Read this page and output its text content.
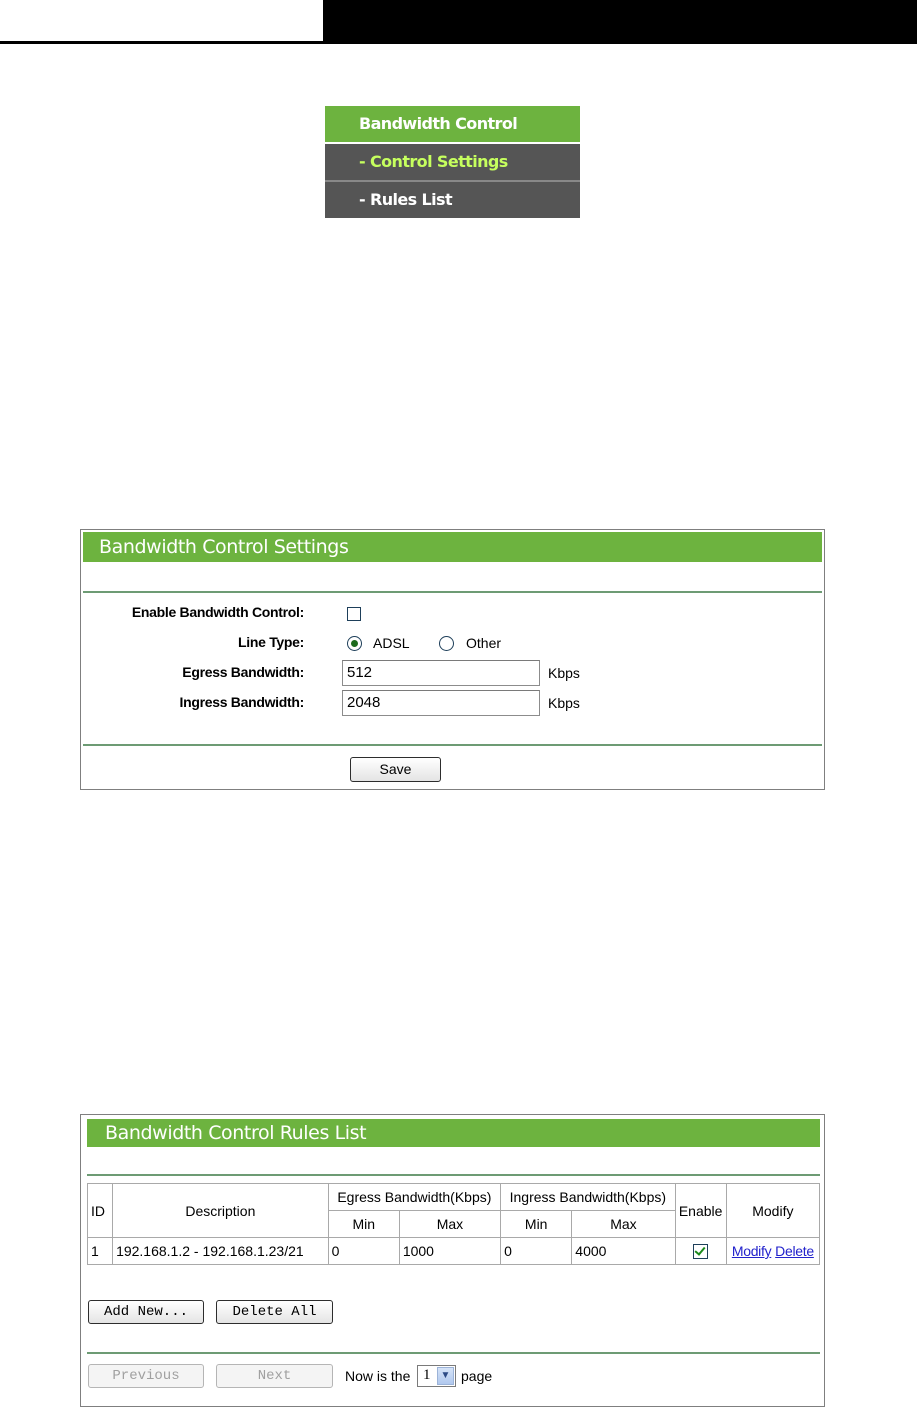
Bandwidth Control
- Control Settings
- Rules List
Bandwidth Control Settings
Enable Bandwidth Control:
Line Type:	ADSL	Other
Egress Bandwidth:	512	Kbps
Ingress Bandwidth:	2048	Kbps
Save
Bandwidth Control Rules List
ID	Description	Egress Bandwidth(Kbps)		Ingress Bandwidth(Kbps)		Enable	Modify
		Min	Max	Min	Max		
1	192.168.1.2 - 192.168.1.23/21	0	1000	0	4000		Modify Delete
Add New...	Delete All
Previous	Next	Now is the 1	▼ page
